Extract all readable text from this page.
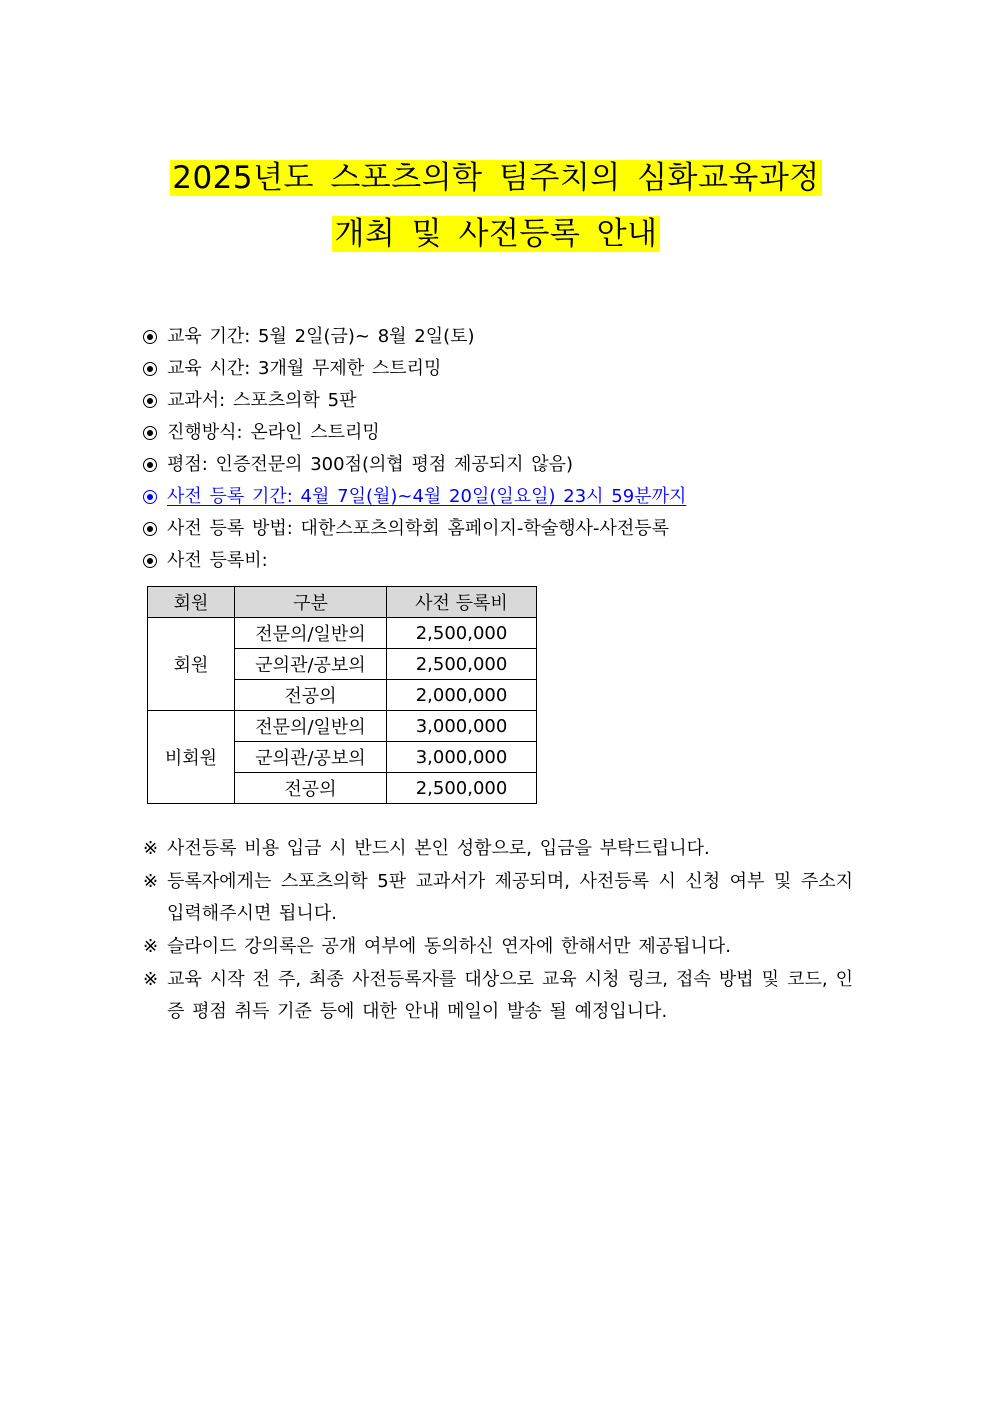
2025년도 스포츠의학 팀주치의 심화교육과정
개최 및 사전등록 안내
교육 기간: 5월 2일(금)~ 8월 2일(토)
교육 시간: 3개월 무제한 스트리밍
교과서: 스포츠의학 5판
진행방식: 온라인 스트리밍
평점: 인증전문의 300점(의협 평점 제공되지 않음)
사전 등록 기간: 4월 7일(월)~4월 20일(일요일) 23시 59분까지
사전 등록 방법: 대한스포츠의학회 홈페이지-학술행사-사전등록
사전 등록비:
회원	구분	사전 등록비
회원	전문의/일반의	2,500,000
	군의관/공보의	2,500,000
	전공의	2,000,000
비회원	전문의/일반의	3,000,000
	군의관/공보의	3,000,000
	전공의	2,500,000
※ 사전등록 비용 입금 시 반드시 본인 성함으로, 입금을 부탁드립니다.
※ 등록자에게는 스포츠의학 5판 교과서가 제공되며, 사전등록 시 신청 여부 및 주소지 입력해주시면 됩니다.
※ 슬라이드 강의록은 공개 여부에 동의하신 연자에 한해서만 제공됩니다.
※ 교육 시작 전 주, 최종 사전등록자를 대상으로 교육 시청 링크, 접속 방법 및 코드, 인증 평점 취득 기준 등에 대한 안내 메일이 발송 될 예정입니다.
